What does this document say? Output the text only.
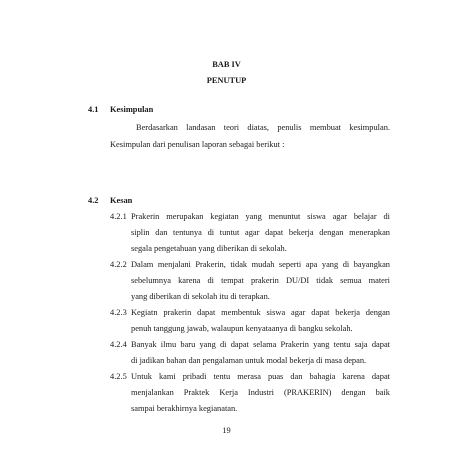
BAB IV
PENUTUP
4.1 Kesimpulan
Berdasarkan landasan teori diatas, penulis membuat kesimpulan.
Kesimpulan dari penulisan laporan sebagai berikut :
4.2 Kesan
4.2.1 Prakerin merupakan kegiatan yang menuntut siswa agar belajar di
siplin dan tentunya di tuntut agar dapat bekerja dengan menerapkan
segala pengetahuan yang diberikan di sekolah.
4.2.2 Dalam menjalani Prakerin, tidak mudah seperti apa yang di bayangkan
sebelumnya karena di tempat prakerin DU/DI tidak semua materi
yang diberikan di sekolah itu di terapkan.
4.2.3 Kegiatn prakerin dapat membentuk siswa agar dapat bekerja dengan
penuh tanggung jawab, walaupun kenyataanya di bangku sekolah.
4.2.4 Banyak ilmu baru yang di dapat selama Prakerin yang tentu saja dapat
di jadikan bahan dan pengalaman untuk modal bekerja di masa depan.
4.2.5 Untuk kami pribadi tentu merasa puas dan bahagia karena dapat
menjalankan Praktek Kerja Industri (PRAKERIN) dengan baik
sampai berakhirnya kegianatan.
19
